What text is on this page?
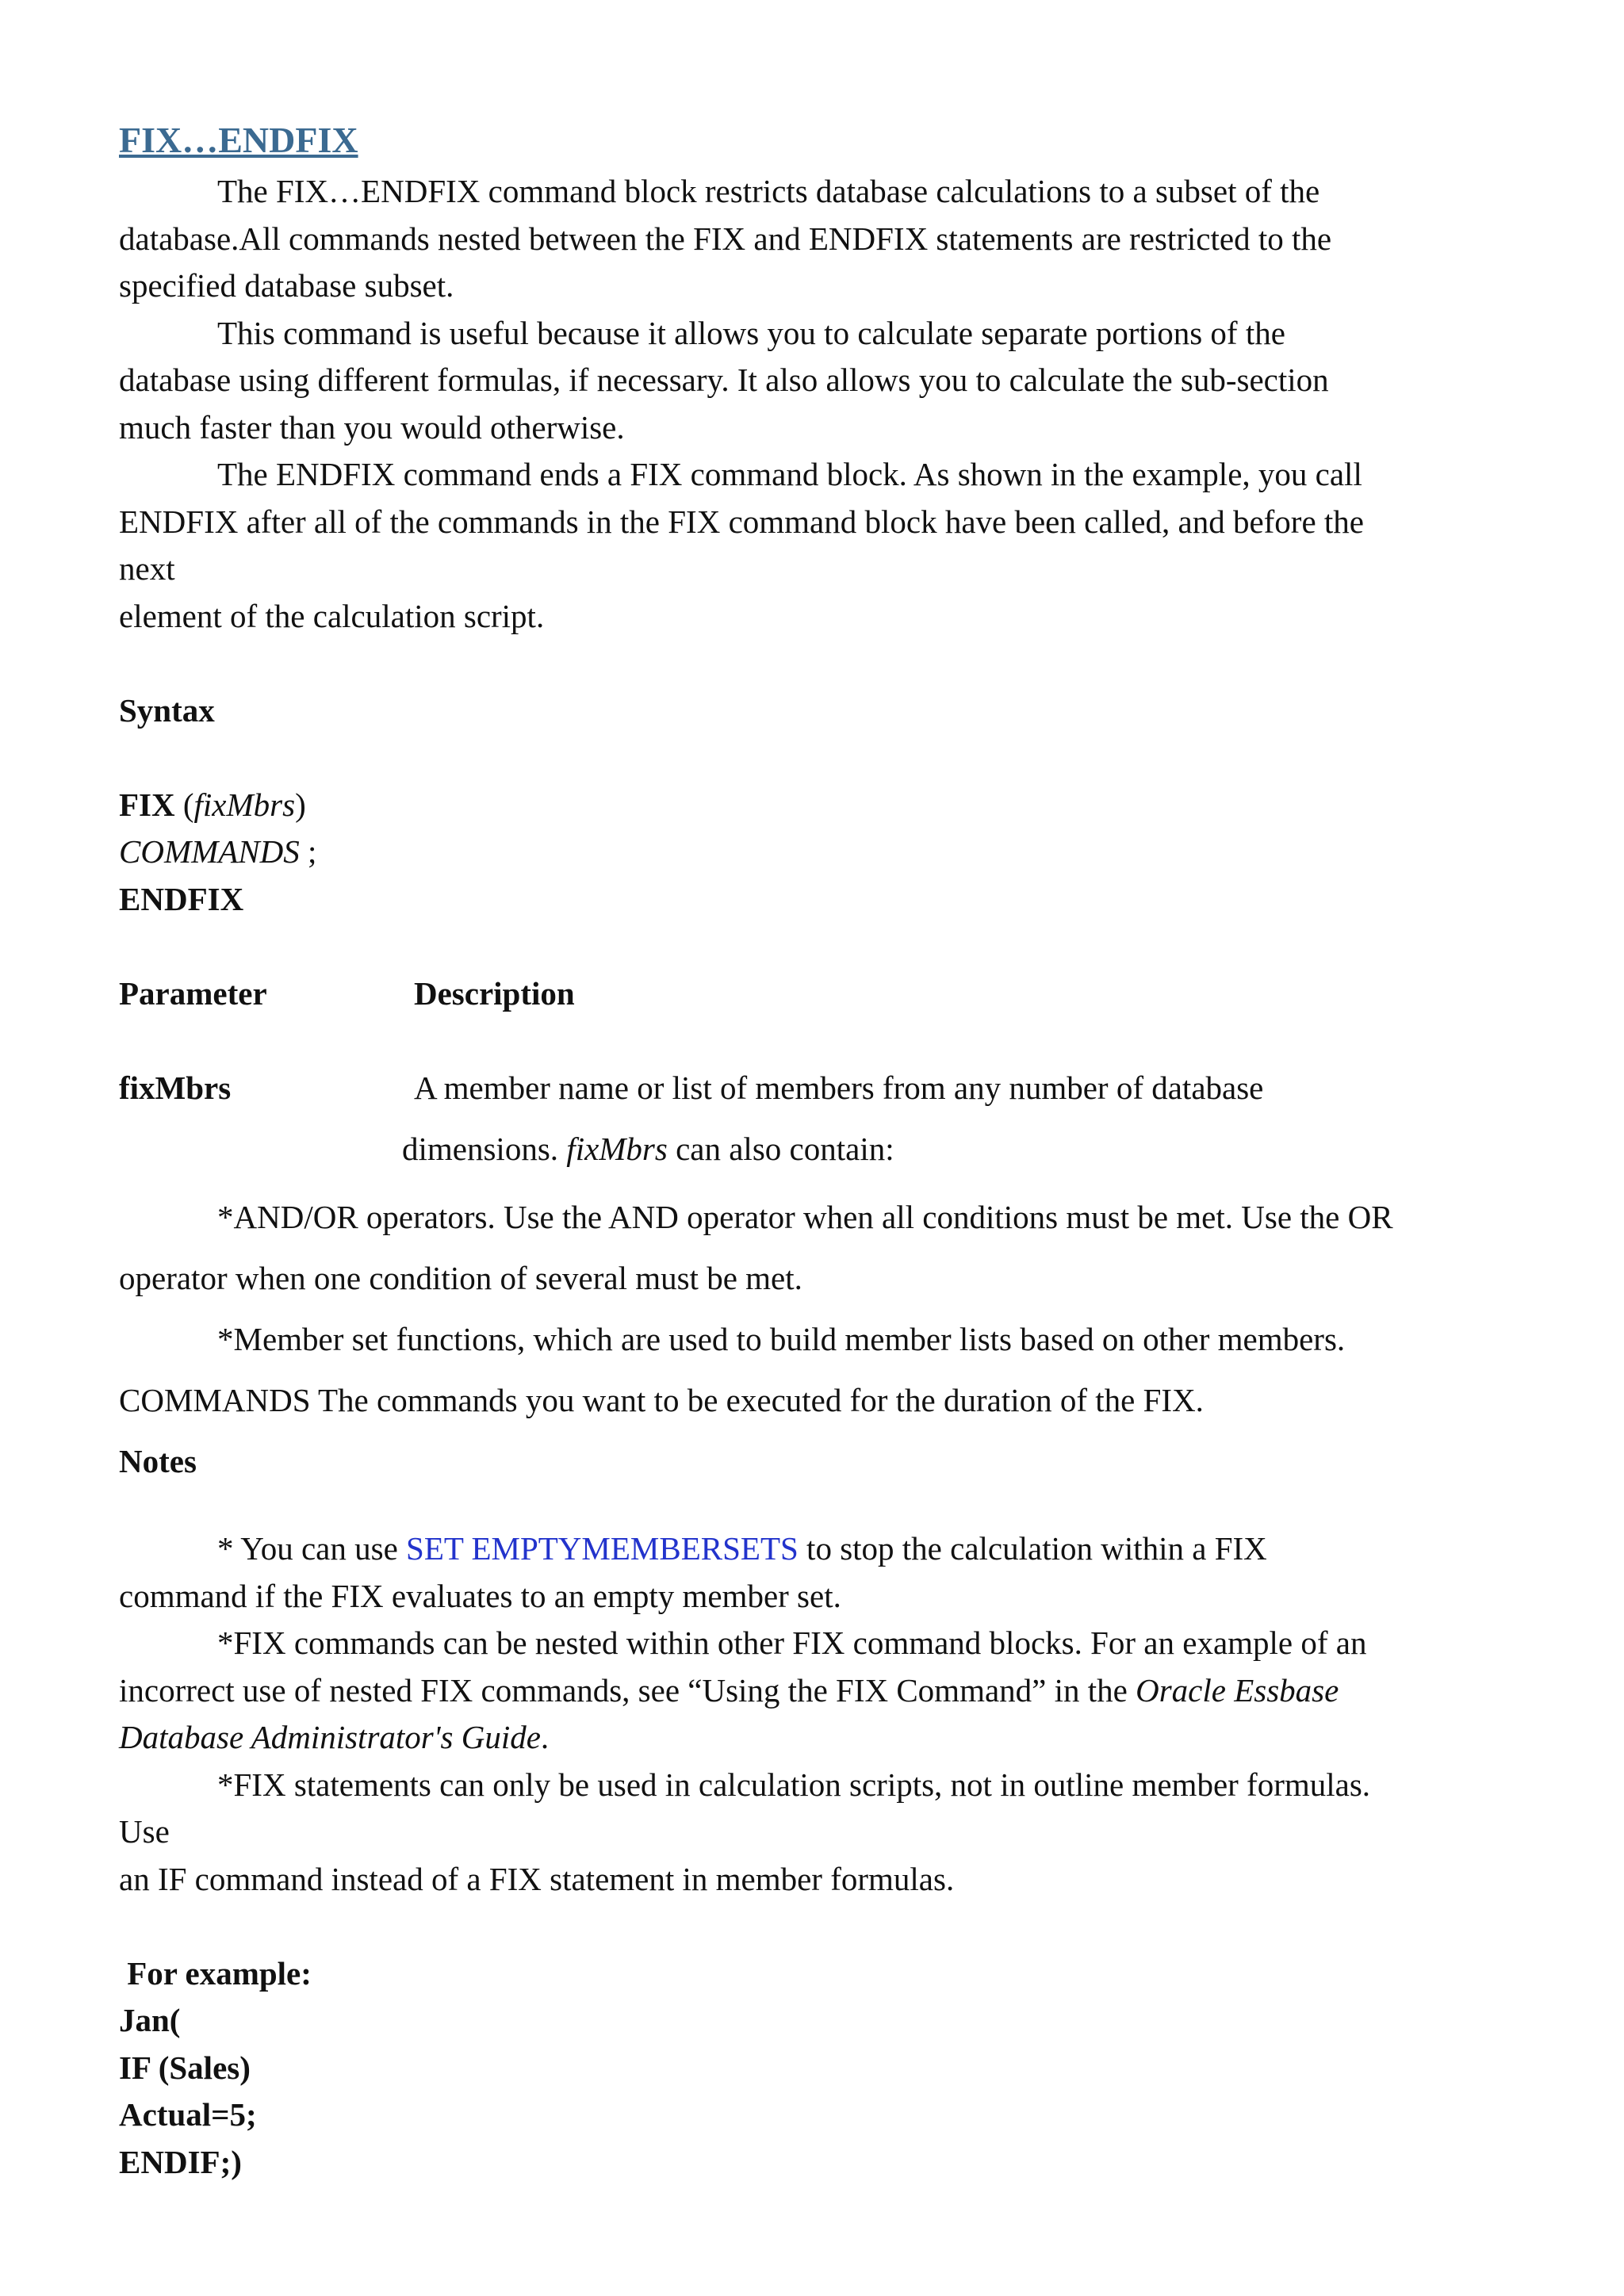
FIX…ENDFIX
The FIX…ENDFIX command block restricts database calculations to a subset of the
database.All commands nested between the FIX and ENDFIX statements are restricted to the
specified database subset.
This command is useful because it allows you to calculate separate portions of the
database using different formulas, if necessary. It also allows you to calculate the sub-section
much faster than you would otherwise.
The ENDFIX command ends a FIX command block. As shown in the example, you call
ENDFIX after all of the commands in the FIX command block have been called, and before the
next
element of the calculation script.
Syntax
FIX (fixMbrs)
COMMANDS ;
ENDFIX
Parameter	Description
fixMbrs	A member name or list of members from any number of database
dimensions. fixMbrs can also contain:
*AND/OR operators. Use the AND operator when all conditions must be met. Use the OR
operator when one condition of several must be met.
*Member set functions, which are used to build member lists based on other members.
COMMANDS The commands you want to be executed for the duration of the FIX.
Notes
* You can use SET EMPTYMEMBERSETS to stop the calculation within a FIX
command if the FIX evaluates to an empty member set.
*FIX commands can be nested within other FIX command blocks. For an example of an
incorrect use of nested FIX commands, see “Using the FIX Command” in the Oracle Essbase
Database Administrator's Guide.
*FIX statements can only be used in calculation scripts, not in outline member formulas.
Use
an IF command instead of a FIX statement in member formulas.
For example:
Jan(
IF (Sales)
Actual=5;
ENDIF;)
